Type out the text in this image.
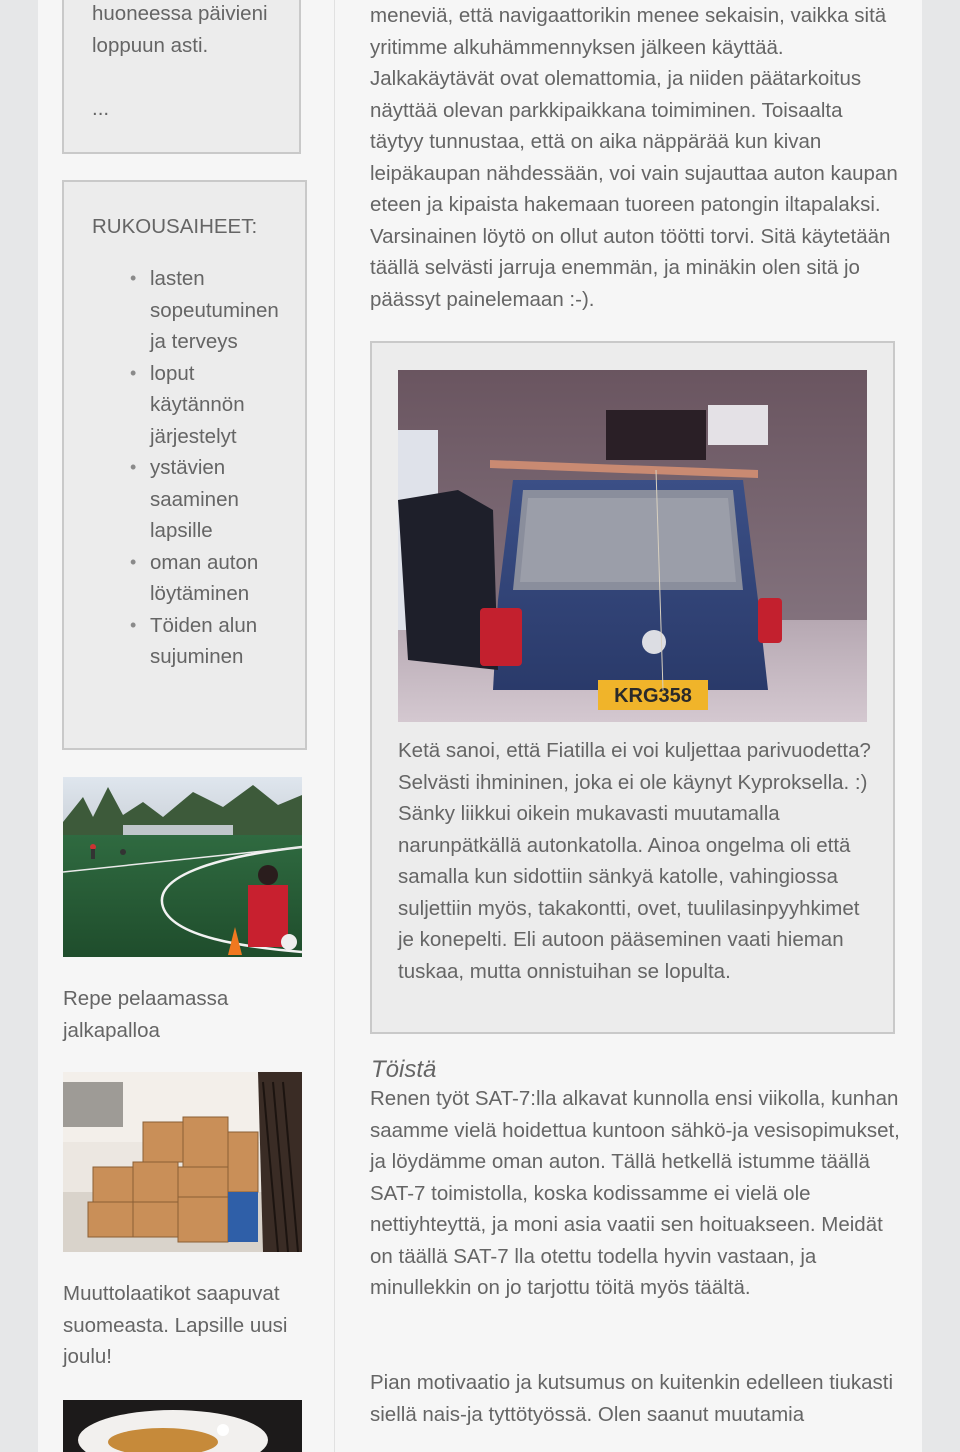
huoneessa päivieni
loppuun asti.
...
RUKOUSAIHEET:
• lasten sopeutuminen ja terveys
• loput käytännön järjestelyt
• ystävien saaminen lapsille
• oman auton löytäminen
• Töiden alun sujuminen
Repe pelaamassa jalkapalloa
Muuttolaatikot saapuvat suomeasta. Lapsille uusi joulu!
meneviä, että navigaattorikin menee sekaisin, vaikka sitä yritimme alkuhämmennyksen jälkeen käyttää. Jalkakäytävät ovat olemattomia, ja niiden päätarkoitus näyttää olevan parkkipaikkana toimiminen. Toisaalta täytyy tunnustaa, että on aika näppärää kun kivan leipäkaupan nähdessään, voi vain sujauttaa auton kaupan eteen ja kipaista hakemaan tuoreen patongin iltapalaksi. Varsinainen löytö on ollut auton töötti torvi. Sitä käytetään täällä selvästi jarruja enemmän, ja minäkin olen sitä jo päässyt painelemaan :-).
KRG358
Ketä sanoi, että Fiatilla ei voi kuljettaa parivuodetta? Selvästi ihmininen, joka ei ole käynyt Kyproksella. :) Sänky liikkui oikein mukavasti muutamalla narunpätkällä autonkatolla. Ainoa ongelma oli että samalla kun sidottiin sänkyä katolle, vahingiossa suljettiin myös, takakontti, ovet, tuulilasinpyyhkimet je konepelti. Eli autoon pääseminen vaati hieman tuskaa, mutta onnistuihan se lopulta.
Töistä
Renen työt SAT-7:lla alkavat kunnolla ensi viikolla, kunhan saamme vielä hoidettua kuntoon sähkö-ja vesisopimukset, ja löydämme oman auton. Tällä hetkellä istumme täällä SAT-7 toimistolla, koska kodissamme ei vielä ole nettiyhteyttä, ja moni asia vaatii sen hoituakseen. Meidät on täällä SAT-7 lla otettu todella hyvin vastaan, ja minullekkin on jo tarjottu töitä myös täältä.
Pian motivaatio ja kutsumus on kuitenkin edelleen tiukasti siellä nais-ja tyttötyössä. Olen saanut muutamia
